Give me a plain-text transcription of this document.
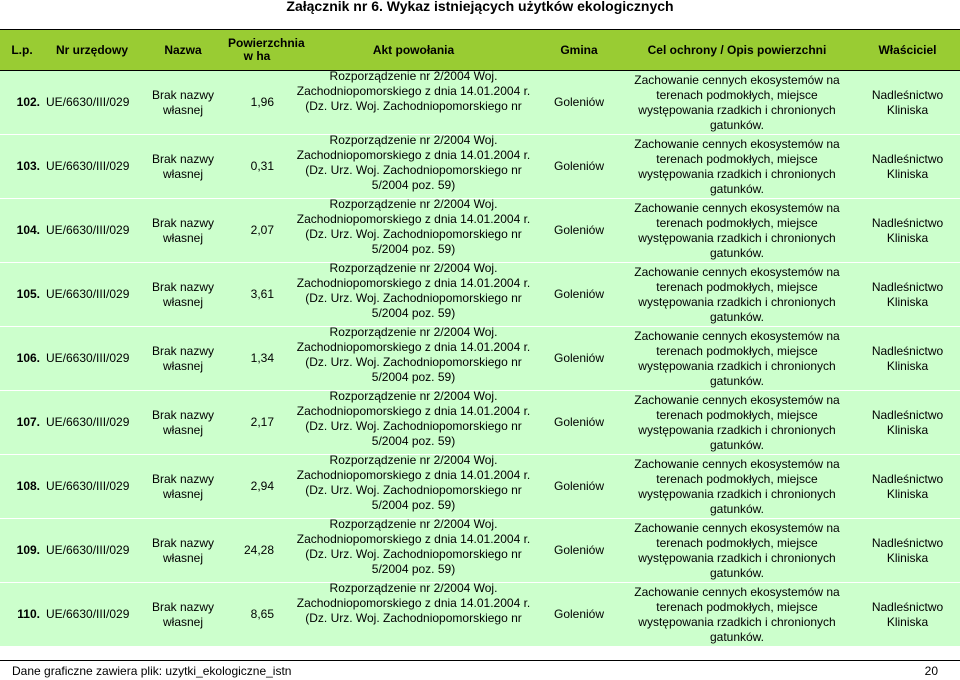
Załącznik nr 6. Wykaz istniejących użytków ekologicznych
L.p.	Nr urzędowy	Nazwa	Powierzchnia
w ha	Akt powołania	Gmina	Cel ochrony / Opis powierzchni	Właściciel
102.	UE/6630/III/029	Brak nazwy własnej	1,96	Rozporządzenie nr 2/2004 Woj. Zachodniopomorskiego z dnia 14.01.2004 r. (Dz. Urz. Woj. Zachodniopomorskiego nr	Goleniów	Zachowanie cennych ekosystemów na terenach podmokłych, miejsce występowania rzadkich i chronionych gatunków.	Nadleśnictwo Kliniska
103.	UE/6630/III/029	Brak nazwy własnej	0,31	Rozporządzenie nr 2/2004 Woj. Zachodniopomorskiego z dnia 14.01.2004 r. (Dz. Urz. Woj. Zachodniopomorskiego nr 5/2004 poz. 59)	Goleniów	Zachowanie cennych ekosystemów na terenach podmokłych, miejsce występowania rzadkich i chronionych gatunków.	Nadleśnictwo Kliniska
104.	UE/6630/III/029	Brak nazwy własnej	2,07	Rozporządzenie nr 2/2004 Woj. Zachodniopomorskiego z dnia 14.01.2004 r. (Dz. Urz. Woj. Zachodniopomorskiego nr 5/2004 poz. 59)	Goleniów	Zachowanie cennych ekosystemów na terenach podmokłych, miejsce występowania rzadkich i chronionych gatunków.	Nadleśnictwo Kliniska
105.	UE/6630/III/029	Brak nazwy własnej	3,61	Rozporządzenie nr 2/2004 Woj. Zachodniopomorskiego z dnia 14.01.2004 r. (Dz. Urz. Woj. Zachodniopomorskiego nr 5/2004 poz. 59)	Goleniów	Zachowanie cennych ekosystemów na terenach podmokłych, miejsce występowania rzadkich i chronionych gatunków.	Nadleśnictwo Kliniska
106.	UE/6630/III/029	Brak nazwy własnej	1,34	Rozporządzenie nr 2/2004 Woj. Zachodniopomorskiego z dnia 14.01.2004 r. (Dz. Urz. Woj. Zachodniopomorskiego nr 5/2004 poz. 59)	Goleniów	Zachowanie cennych ekosystemów na terenach podmokłych, miejsce występowania rzadkich i chronionych gatunków.	Nadleśnictwo Kliniska
107.	UE/6630/III/029	Brak nazwy własnej	2,17	Rozporządzenie nr 2/2004 Woj. Zachodniopomorskiego z dnia 14.01.2004 r. (Dz. Urz. Woj. Zachodniopomorskiego nr 5/2004 poz. 59)	Goleniów	Zachowanie cennych ekosystemów na terenach podmokłych, miejsce występowania rzadkich i chronionych gatunków.	Nadleśnictwo Kliniska
108.	UE/6630/III/029	Brak nazwy własnej	2,94	Rozporządzenie nr 2/2004 Woj. Zachodniopomorskiego z dnia 14.01.2004 r. (Dz. Urz. Woj. Zachodniopomorskiego nr 5/2004 poz. 59)	Goleniów	Zachowanie cennych ekosystemów na terenach podmokłych, miejsce występowania rzadkich i chronionych gatunków.	Nadleśnictwo Kliniska
109.	UE/6630/III/029	Brak nazwy własnej	24,28	Rozporządzenie nr 2/2004 Woj. Zachodniopomorskiego z dnia 14.01.2004 r. (Dz. Urz. Woj. Zachodniopomorskiego nr 5/2004 poz. 59)	Goleniów	Zachowanie cennych ekosystemów na terenach podmokłych, miejsce występowania rzadkich i chronionych gatunków.	Nadleśnictwo Kliniska
110.	UE/6630/III/029	Brak nazwy własnej	8,65	Rozporządzenie nr 2/2004 Woj. Zachodniopomorskiego z dnia 14.01.2004 r. (Dz. Urz. Woj. Zachodniopomorskiego nr	Goleniów	Zachowanie cennych ekosystemów na terenach podmokłych, miejsce występowania rzadkich i chronionych gatunków.	Nadleśnictwo Kliniska
Dane graficzne zawiera plik: uzytki_ekologiczne_istn	20
